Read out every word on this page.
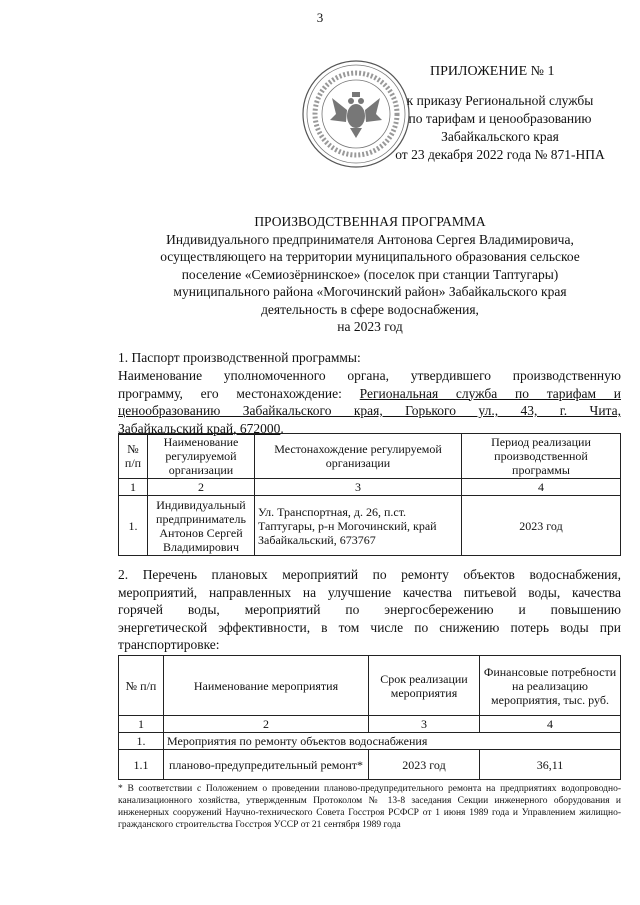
3
ПРИЛОЖЕНИЕ № 1
к приказу Региональной службы
по тарифам и ценообразованию
Забайкальского края
от 23 декабря 2022 года № 871-НПА
ПРОИЗВОДСТВЕННАЯ ПРОГРАММА
Индивидуального предпринимателя Антонова Сергея Владимировича,
осуществляющего на территории муниципального образования сельское
поселение «Семиозёрнинское» (поселок при станции Таптугары)
муниципального района «Могочинский район» Забайкальского края
деятельность в сфере водоснабжения,
на 2023 год
1. Паспорт производственной программы:
Наименование уполномоченного органа, утвердившего производственную
программу, его местонахождение: Региональная служба по тарифам и
ценообразованию Забайкальского края, Горького ул., 43, г. Чита,
Забайкальский край, 672000.
№ п/п	Наименование регулируемой организации	Местонахождение регулируемой организации	Период реализации производственной программы
1	2	3	4
1.	Индивидуальный предприниматель Антонов Сергей Владимирович	Ул. Транспортная, д. 26, п.ст. Таптугары, р-н Могочинский, край Забайкальский, 673767	2023 год
2. Перечень плановых мероприятий по ремонту объектов водоснабжения,
мероприятий, направленных на улучшение качества питьевой воды, качества
горячей воды, мероприятий по энергосбережению и повышению
энергетической эффективности, в том числе по снижению потерь воды при
транспортировке:
№ п/п	Наименование мероприятия	Срок реализации мероприятия	Финансовые потребности на реализацию мероприятия, тыс. руб.
1	2	3	4
1.	Мероприятия по ремонту объектов водоснабжения		
1.1	планово-предупредительный ремонт*	2023 год	36,11
* В соответствии с Положением о проведении планово-предупредительного ремонта на предприятиях водопроводно-канализационного хозяйства, утвержденным Протоколом № 13-8 заседания Секции инженерного оборудования и инженерных сооружений Научно-технического Совета Госстроя РСФСР от 1 июня 1989 года и Управлением жилищно-гражданского строительства Госстроя УССР от 21 сентября 1989 года
